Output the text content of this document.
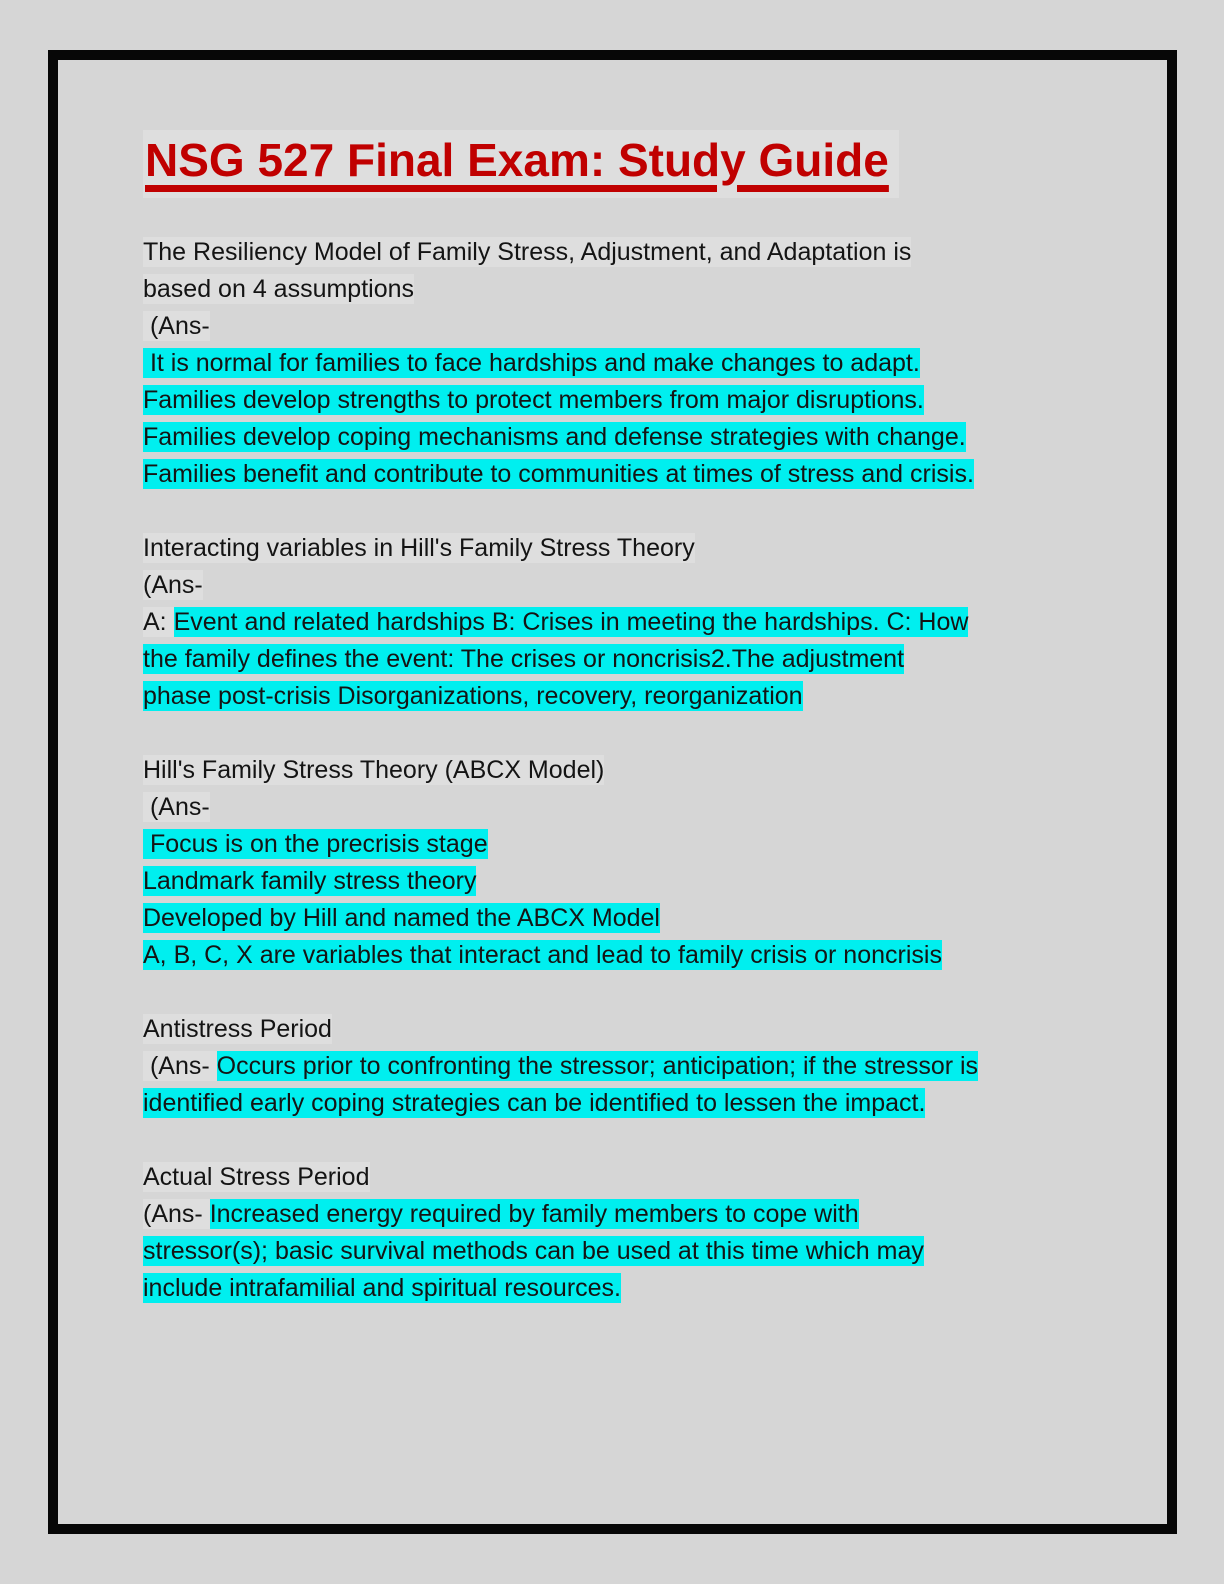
NSG 527 Final Exam: Study Guide
The Resiliency Model of Family Stress, Adjustment, and Adaptation is
based on 4 assumptions
(Ans-
It is normal for families to face hardships and make changes to adapt.
Families develop strengths to protect members from major disruptions.
Families develop coping mechanisms and defense strategies with change.
Families benefit and contribute to communities at times of stress and crisis.
Interacting variables in Hill's Family Stress Theory
(Ans-
A: Event and related hardships B: Crises in meeting the hardships. C: How
the family defines the event: The crises or noncrisis2.The adjustment
phase post-crisis Disorganizations, recovery, reorganization
Hill's Family Stress Theory (ABCX Model)
(Ans-
Focus is on the precrisis stage
Landmark family stress theory
Developed by Hill and named the ABCX Model
A, B, C, X are variables that interact and lead to family crisis or noncrisis
Antistress Period
(Ans- Occurs prior to confronting the stressor; anticipation; if the stressor is
identified early coping strategies can be identified to lessen the impact.
Actual Stress Period
(Ans- Increased energy required by family members to cope with
stressor(s); basic survival methods can be used at this time which may
include intrafamilial and spiritual resources.
